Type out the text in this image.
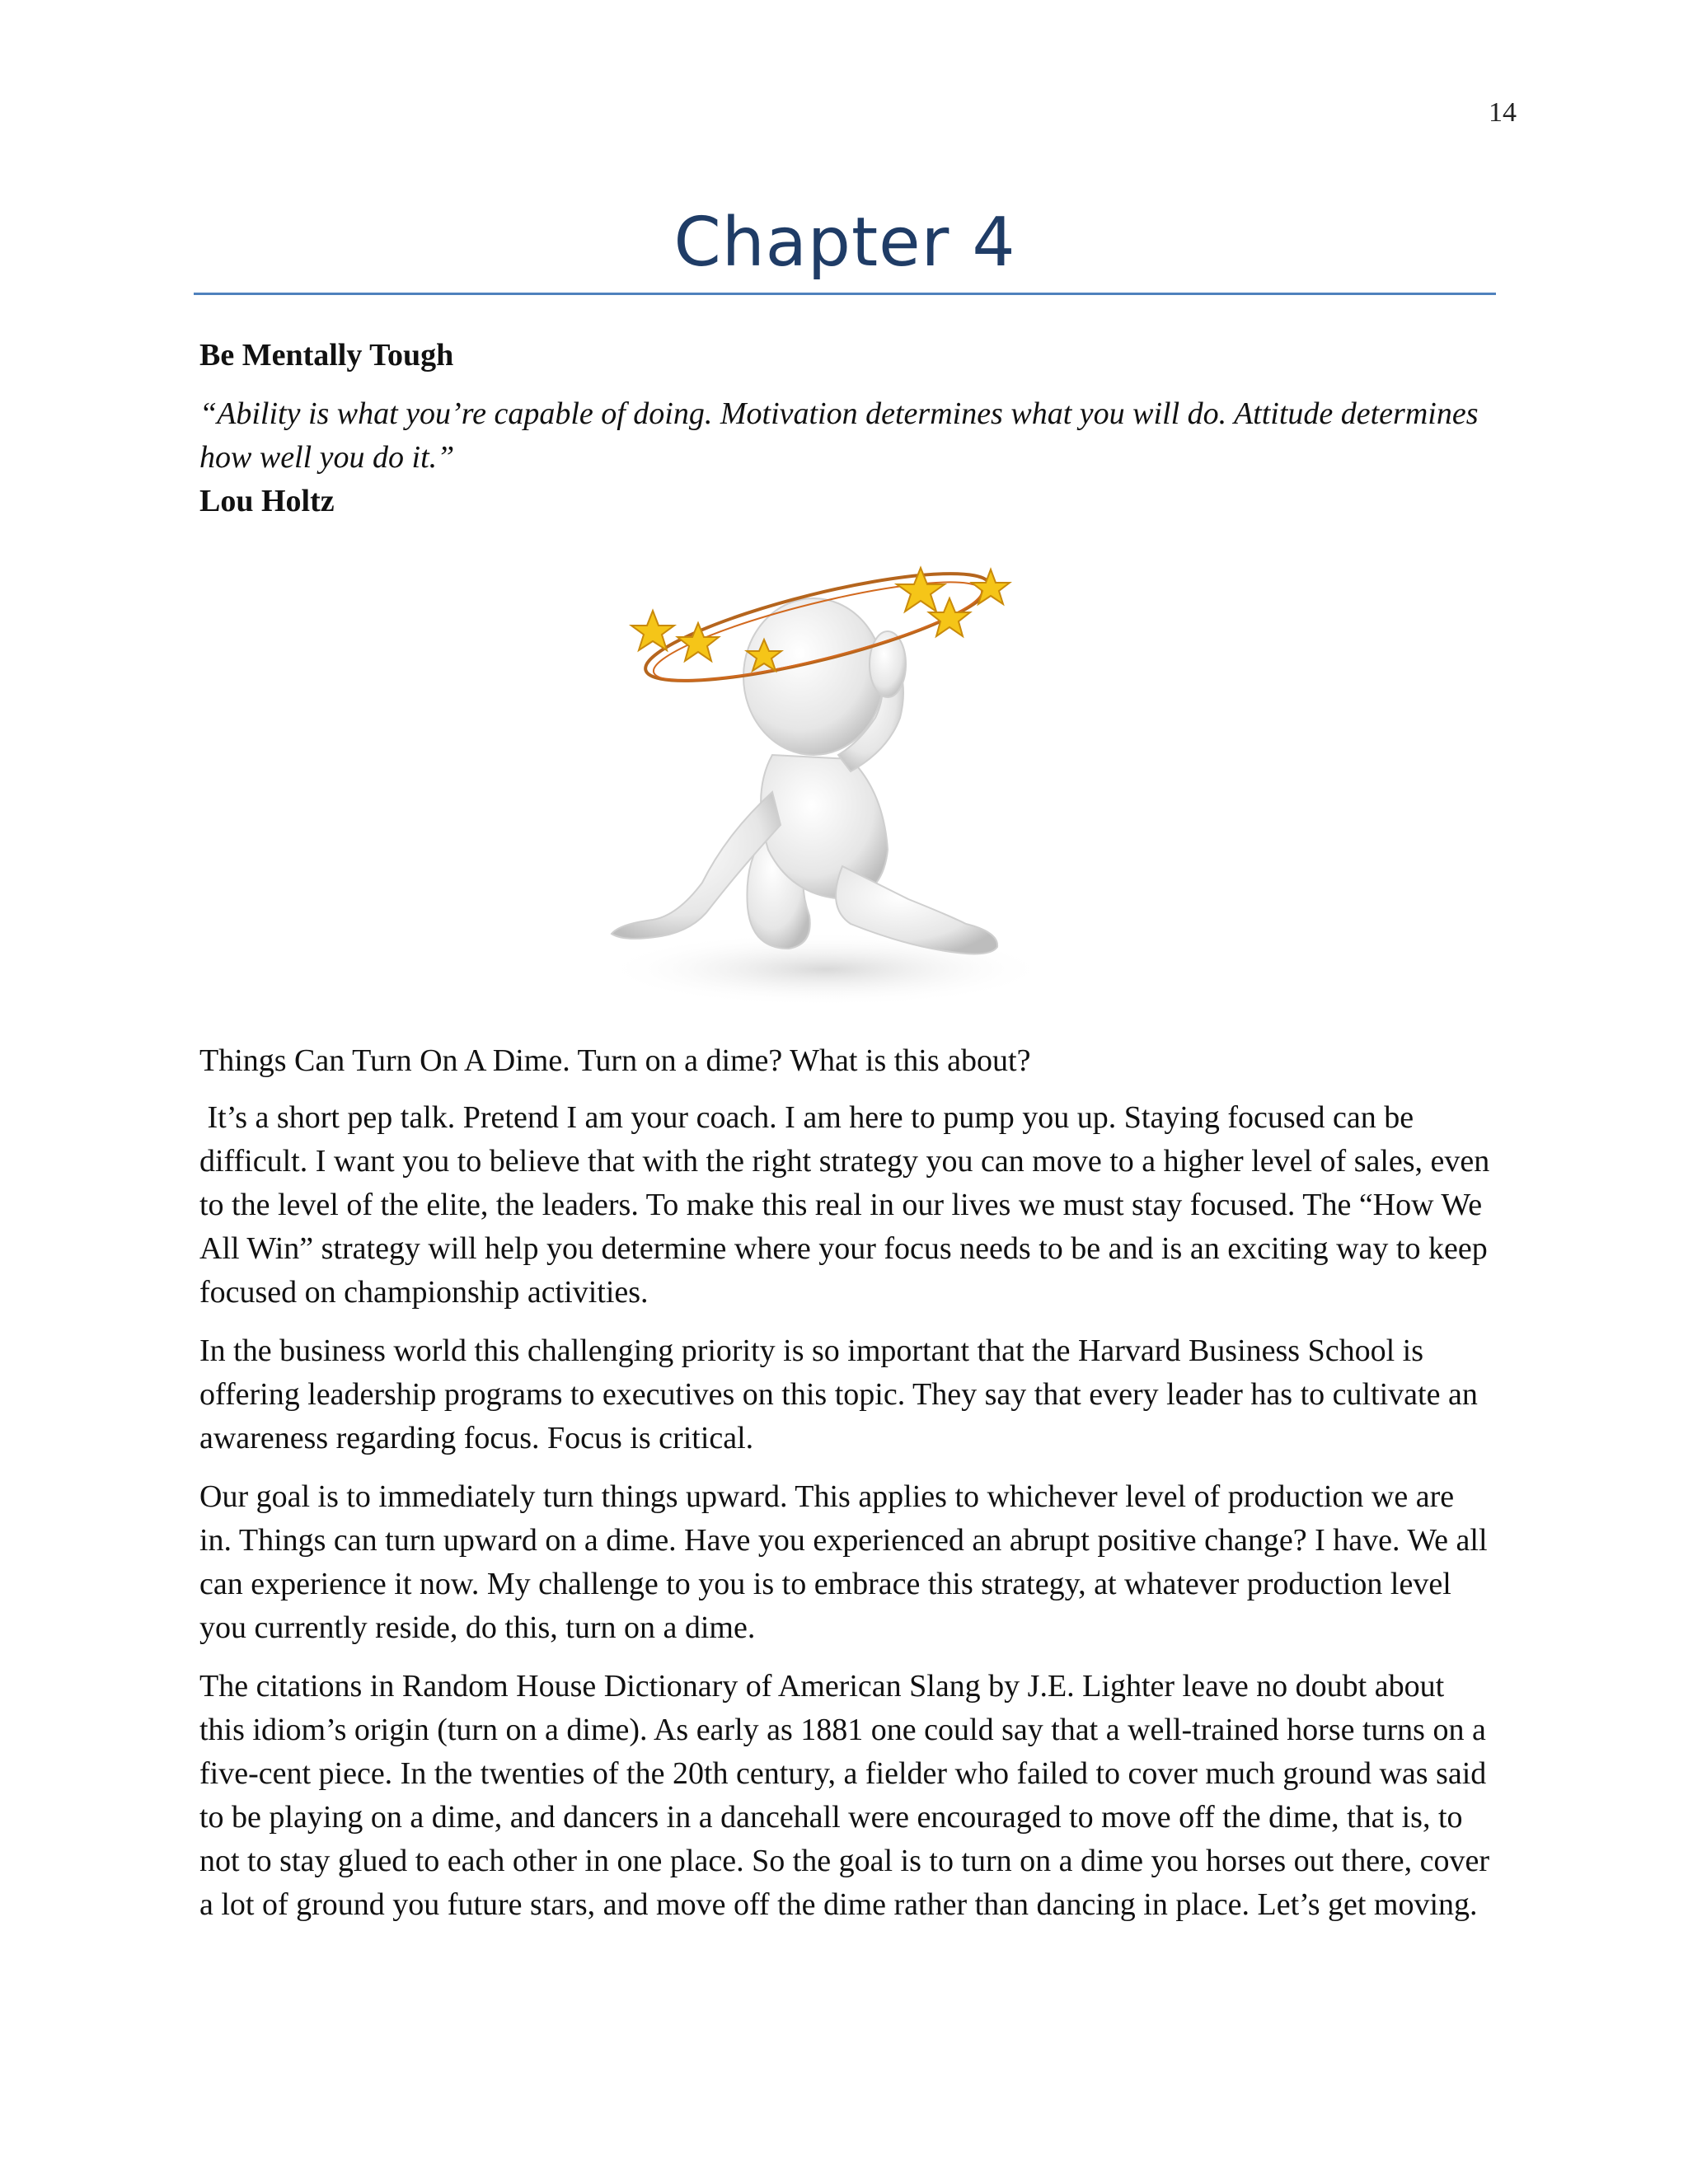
14
Chapter 4

Be Mentally Tough

“Ability is what you’re capable of doing. Motivation determines what you will do. Attitude determines how well you do it.”

Lou Holtz

Things Can Turn On A Dime. Turn on a dime? What is this about?

It’s a short pep talk. Pretend I am your coach. I am here to pump you up. Staying focused can be difficult. I want you to believe that with the right strategy you can move to a higher level of sales, even to the level of the elite, the leaders. To make this real in our lives we must stay focused. The “How We All Win” strategy will help you determine where your focus needs to be and is an exciting way to keep focused on championship activities.

In the business world this challenging priority is so important that the Harvard Business School is offering leadership programs to executives on this topic. They say that every leader has to cultivate an awareness regarding focus. Focus is critical.

Our goal is to immediately turn things upward. This applies to whichever level of production we are in. Things can turn upward on a dime. Have you experienced an abrupt positive change? I have. We all can experience it now. My challenge to you is to embrace this strategy, at whatever production level you currently reside, do this, turn on a dime.

The citations in Random House Dictionary of American Slang by J.E. Lighter leave no doubt about this idiom’s origin (turn on a dime). As early as 1881 one could say that a well-trained horse turns on a five-cent piece. In the twenties of the 20th century, a fielder who failed to cover much ground was said to be playing on a dime, and dancers in a dancehall were encouraged to move off the dime, that is, to not to stay glued to each other in one place. So the goal is to turn on a dime you horses out there, cover a lot of ground you future stars, and move off the dime rather than dancing in place. Let’s get moving.
